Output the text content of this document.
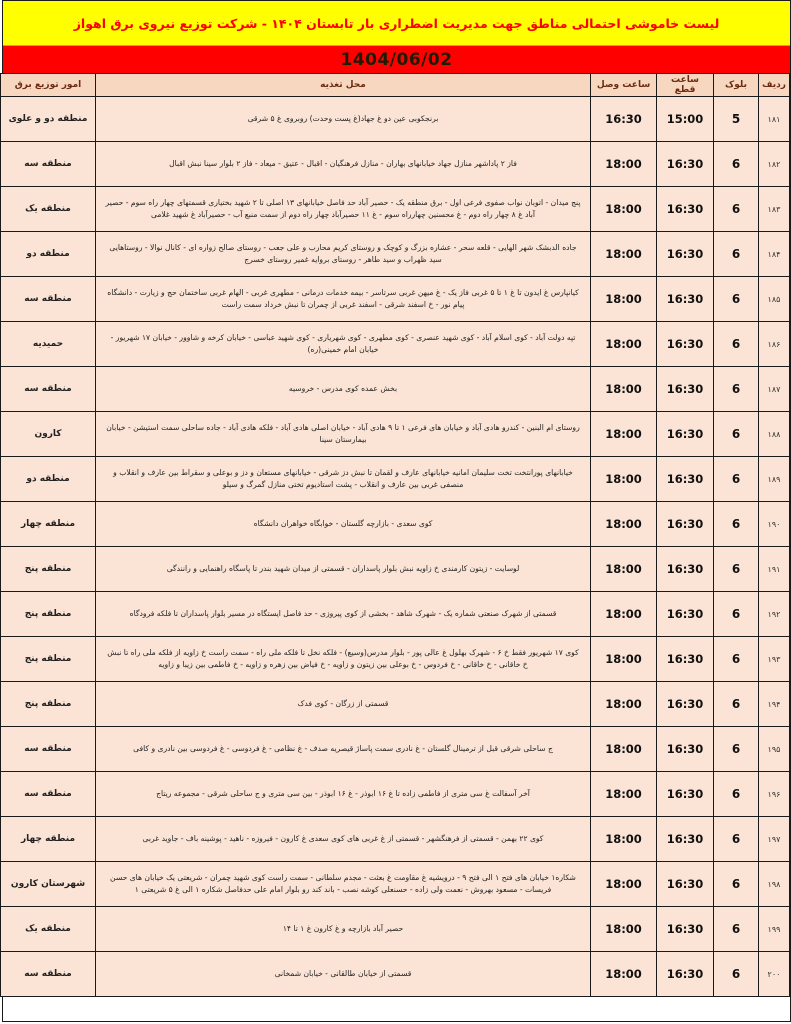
لیست خاموشی احتمالی مناطق جهت مدیریت اضطراری بار تابستان ۱۴۰۴ - شرکت توزیع نیروی برق اهواز
1404/06/02
ردیف	بلوک	ساعت قطع	ساعت وصل	محل تغذیه	امور توزیع برق
۱۸۱	5	15:00	16:30	برنجکوبی عین دو غ جهاد(غ پست وحدت) روبروی غ ۵ شرقی	منطقه دو و علوی
۱۸۲	6	16:30	18:00	فاز ۲ پاداشهر منازل جهاد خیابانهای بهاران - منازل فرهنگیان - اقبال - عتیق - میعاد - فاز ۲ بلوار سینا نبش اقبال	منطقه سه
۱۸۳	6	16:30	18:00	پنج میدان - اتوبان نواب صفوی فرعی اول - برق منطقه یک - حصیر آباد حد فاصل خیابانهای ۱۳ اصلی تا ۲ شهید بختیاری قسمتهای چهار راه سوم - حصیر آباد غ ۸ چهار راه دوم - غ محسنین چهارراه سوم - غ ۱۱ حصیرآباد چهار راه دوم از سمت منبع آب - حصیرآباد غ شهید غلامی	منطقه یک
۱۸۴	6	16:30	18:00	جاده الدبشک شهر الهایی - قلعه سحر - عشاره بزرگ و کوچک و روستای کریم محارب و علی جعب - روستای صالح زواره ای - کانال نوالا - روستاهایی سید ظهراب و سید طاهر - روستای بروایه غمیر روستای خسرج	منطقه دو
۱۸۵	6	16:30	18:00	کیانپارس غ ایدون تا غ ۱ تا ۵ غربی فاز یک - غ میهن غربی سرتاسر - بیمه خدمات درمانی - مطهری غربی - الهام غربی ساختمان حج و زیارت - دانشگاه پیام نور - خ اسفند شرقی - اسفند غربی از چمران تا نبش خرداد سمت راست	منطقه سه
۱۸۶	6	16:30	18:00	تپه دولت آباد - کوی اسلام آباد - کوی شهید عنصری - کوی مطهری - کوی شهریاری - کوی شهید عباسی - خیابان کرخه و شاوور - خیابان ۱۷ شهریور - خیابان امام خمینی(ره)	حمیدیه
۱۸۷	6	16:30	18:00	بخش عمده کوی مدرس - خروسیه	منطقه سه
۱۸۸	6	16:30	18:00	روستای ام البنین - کندرو هادی آباد و خیابان های فرعی ۱ تا ۹ هادی آباد - خیابان اصلی هادی آباد - فلکه هادی آباد - جاده ساحلی سمت استیشن - خیابان بیمارستان سینا	کارون
۱۸۹	6	16:30	18:00	خیابانهای پورانتخت تخت سلیمان امانیه خیابانهای عارف و لقمان تا نبش دز شرقی - خیابانهای مستعان و دز و بوعلی و سقراط بین عارف و انقلاب و منصفی غربی بین عارف و انقلاب - پشت استادیوم تختی منازل گمرگ و سیلو	منطقه دو
۱۹۰	6	16:30	18:00	کوی سعدی - بازارچه گلستان - خوابگاه خواهران دانشگاه	منطقه چهار
۱۹۱	6	16:30	18:00	لوسایت - زیتون کارمندی خ زاویه نبش بلوار پاسداران - قسمتی از میدان شهید بندر تا پاسگاه راهنمایی و رانندگی	منطقه پنج
۱۹۲	6	16:30	18:00	قسمتی از شهرک صنعتی شماره یک - شهرک شاهد - بخشی از کوی پیروزی - حد فاصل ایستگاه در مسیر بلوار پاسداران تا فلکه فرودگاه	منطقه پنج
۱۹۳	6	16:30	18:00	کوی ۱۷ شهریور فقط خ ۶ - شهرک بهلول غ عالی پور - بلوار مدرس(وسیع) - فلکه نخل تا فلکه ملی راه - سمت راست خ زاویه از فلکه ملی راه تا نبش خ خاقانی - خ خاقانی - خ فردوس - خ بوعلی بین زیتون و زاویه - خ فیاض بین زهره و زاویه - خ فاطمی بین زیبا و زاویه	منطقه پنج
۱۹۴	6	16:30	18:00	قسمتی از زرگان - کوی فدک	منطقه پنج
۱۹۵	6	16:30	18:00	ج ساحلی شرقی قبل از ترمینال گلستان - غ نادری سمت پاساژ قیصریه صدف - غ نظامی - غ فردوسی - غ فردوسی بین نادری و کافی	منطقه سه
۱۹۶	6	16:30	18:00	آخر آسفالت غ سی متری از فاطمی زاده تا غ ۱۶ ابوذر - غ ۱۶ ابوذر - بین سی متری و ج ساحلی شرقی - مجموعه ریتاج	منطقه سه
۱۹۷	6	16:30	18:00	کوی ۲۲ بهمن - قسمتی از فرهنگشهر - قسمتی از غ غربی های کوی سعدی غ کارون - فیروزه - ناهید - پوشینه باف - جاوید غربی	منطقه چهار
۱۹۸	6	16:30	18:00	شکاره۱ خیابان های فتح ۱ الی فتح ۹ - درویشیه غ مقاومت غ بعثت - مجدم سلطانی - سمت راست کوی شهید چمران - شریعتی یک خیابان های حسن فریسات - مسعود بهروش - نعمت ولی زاده - حسنعلی کوشه نصب - باند کند رو بلوار امام علی حدفاصل شکاره ۱ الی غ ۵ شریعتی ۱	شهرستان کارون
۱۹۹	6	16:30	18:00	حصیر آباد بازارچه و غ کارون غ ۱ تا ۱۴	منطقه یک
۲۰۰	6	16:30	18:00	قسمتی از خیابان طالقانی - خیابان شمخانی	منطقه سه
